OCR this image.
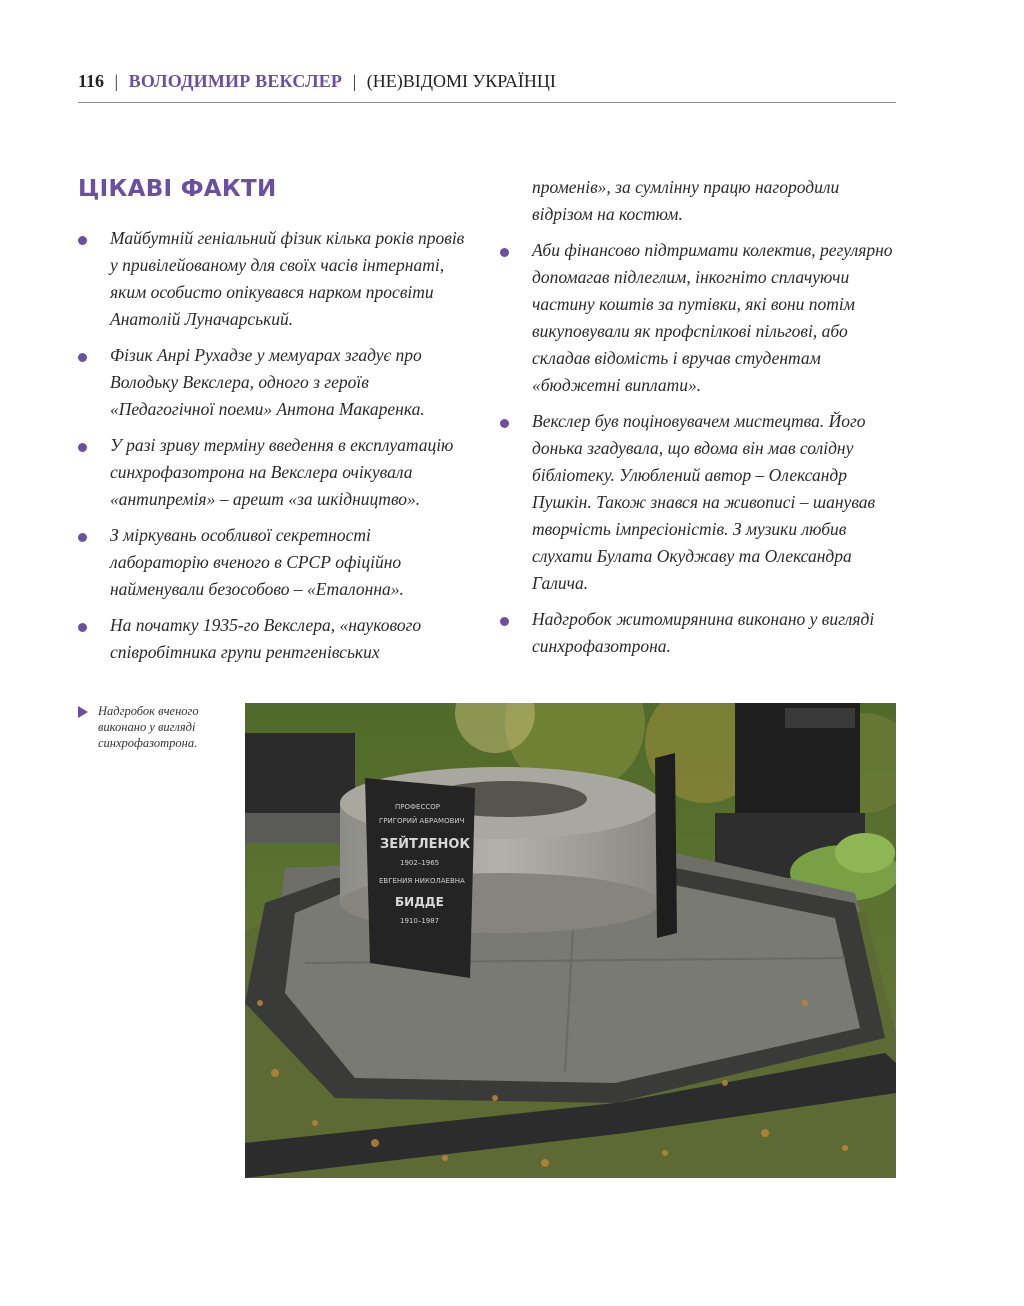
116 | ВОЛОДИМИР ВЕКСЛЕР | (НЕ)ВІДОМІ УКРАЇНЦІ
ЦІКАВІ ФАКТИ
Майбутній геніальний фізик кілька років провів у привілейованому для своїх часів інтернаті, яким особисто опікувався нарком просвіти Анатолій Луначарський.
Фізик Анрі Рухадзе у мемуарах згадує про Володьку Векслера, одного з героїв «Педагогічної поеми» Антона Макаренка.
У разі зриву терміну введення в експлуатацію синхрофазотрона на Векслера очікувала «антипремія» – арешт «за шкідництво».
З міркувань особливої секретності лабораторію вченого в СРСР офіційно найменували безособово – «Еталонна».
На початку 1935-го Векслера, «наукового співробітника групи рентгенівських
променів», за сумлінну працю нагородили відрізом на костюм.
Аби фінансово підтримати колектив, регулярно допомагав підлеглим, інкогніто сплачуючи частину коштів за путівки, які вони потім викуповували як профспілкові пільгові, або складав відомість і вручав студентам «бюджетні виплати».
Векслер був поціновувачем мистецтва. Його донька згадувала, що вдома він мав солідну бібліотеку. Улюблений автор – Олександр Пушкін. Також знався на живописі – шанував творчість імпресіоністів. З музики любив слухати Булата Окуджаву та Олександра Галича.
Надгробок житомирянина виконано у вигляді синхрофазотрона.
Надгробок вченого виконано у вигляді синхрофазотрона.
ПРОФЕССОР
ГРИГОРИЙ АБРАМОВИЧ
ЗЕЙТЛЕНОК
1902–1965
ЕВГЕНИЯ НИКОЛАЕВНА
БИДДЕ
1910–1987
